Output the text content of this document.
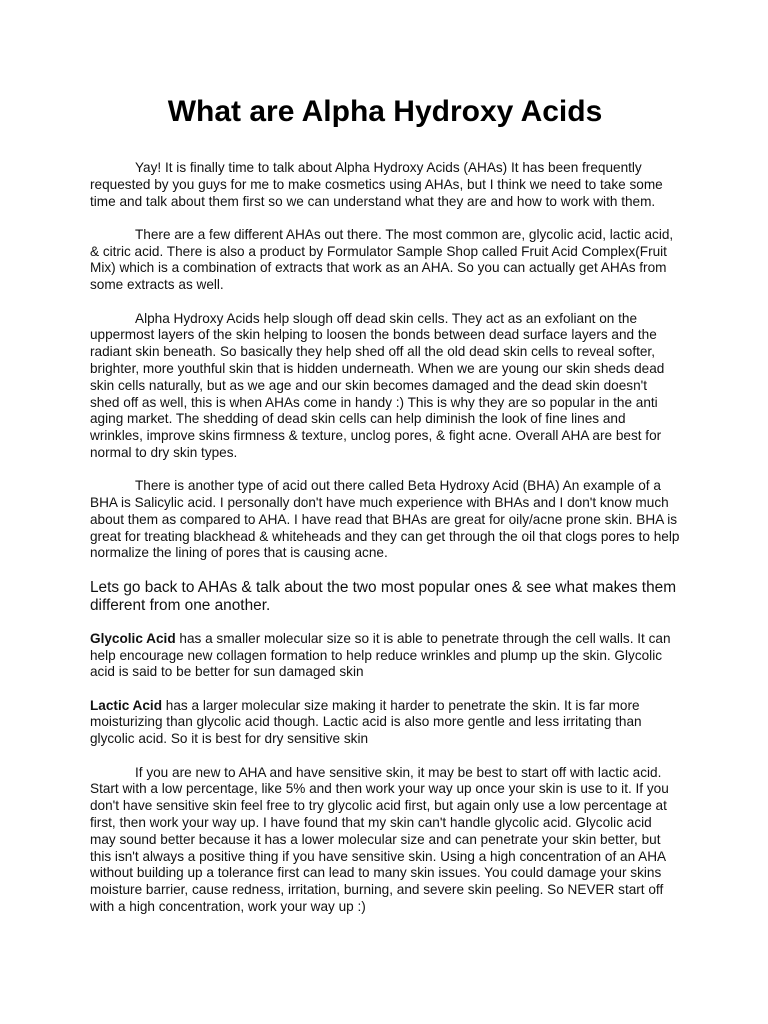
What are Alpha Hydroxy Acids

Yay! It is finally time to talk about Alpha Hydroxy Acids (AHAs) It has been frequently requested by you guys for me to make cosmetics using AHAs, but I think we need to take some time and talk about them first so we can understand what they are and how to work with them.

There are a few different AHAs out there. The most common are, glycolic acid, lactic acid, & citric acid. There is also a product by Formulator Sample Shop called Fruit Acid Complex(Fruit Mix) which is a combination of extracts that work as an AHA. So you can actually get AHAs from some extracts as well.

Alpha Hydroxy Acids help slough off dead skin cells. They act as an exfoliant on the uppermost layers of the skin helping to loosen the bonds between dead surface layers and the radiant skin beneath. So basically they help shed off all the old dead skin cells to reveal softer, brighter, more youthful skin that is hidden underneath. When we are young our skin sheds dead skin cells naturally, but as we age and our skin becomes damaged and the dead skin doesn't shed off as well, this is when AHAs come in handy :) This is why they are so popular in the anti aging market. The shedding of dead skin cells can help diminish the look of fine lines and wrinkles, improve skins firmness & texture, unclog pores, & fight acne. Overall AHA are best for normal to dry skin types.

There is another type of acid out there called Beta Hydroxy Acid (BHA) An example of a BHA is Salicylic acid. I personally don't have much experience with BHAs and I don't know much about them as compared to AHA. I have read that BHAs are great for oily/acne prone skin. BHA is great for treating blackhead & whiteheads and they can get through the oil that clogs pores to help normalize the lining of pores that is causing acne.

Lets go back to AHAs & talk about the two most popular ones & see what makes them different from one another.

Glycolic Acid has a smaller molecular size so it is able to penetrate through the cell walls. It can help encourage new collagen formation to help reduce wrinkles and plump up the skin. Glycolic acid is said to be better for sun damaged skin

Lactic Acid has a larger molecular size making it harder to penetrate the skin. It is far more moisturizing than glycolic acid though. Lactic acid is also more gentle and less irritating than glycolic acid. So it is best for dry sensitive skin

If you are new to AHA and have sensitive skin, it may be best to start off with lactic acid. Start with a low percentage, like 5% and then work your way up once your skin is use to it. If you don't have sensitive skin feel free to try glycolic acid first, but again only use a low percentage at first, then work your way up. I have found that my skin can't handle glycolic acid. Glycolic acid may sound better because it has a lower molecular size and can penetrate your skin better, but this isn't always a positive thing if you have sensitive skin. Using a high concentration of an AHA without building up a tolerance first can lead to many skin issues. You could damage your skins moisture barrier, cause redness, irritation, burning, and severe skin peeling. So NEVER start off with a high concentration, work your way up :)
